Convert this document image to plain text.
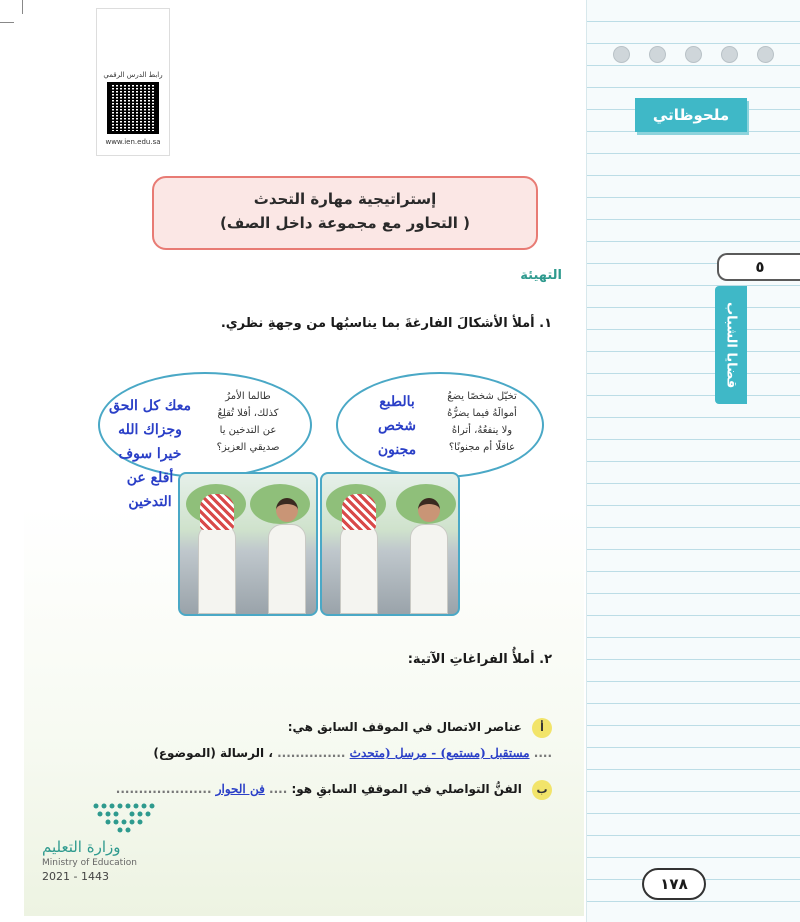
ملحوظاتي
٥
قضايا الشباب
رابط الدرس الرقمي
www.ien.edu.sa
إستراتيجية مهارة التحدث
( التحاور مع مجموعة داخل الصف)
التهيئة
١. أملأ الأشكالَ الفارغةَ بما يناسبُها من وجهةِ نظري.
تخيّل شخصًا يضعُ
أموالَهُ فيما يضرُّهُ
ولا ينفعُهُ، أتراهُ
عاقلًا أم مجنونًا؟
بالطبع
شخص
مجنون
طالما الأمرُ
كذلك، أفلا تُقلِعُ
عن التدخين يا
صديقي العزيز؟
معك كل الحق
وجزاك الله
خيرا سوف
أقلع عن
التدخين
٢. أملأُ الفراغاتِ الآتية:
أ عناصر الاتصال في الموقف السابق هي:
.... مستقبل (مستمع) - مرسل (متحدث ............... ، الرسالة (الموضوع)
ب الفنُّ التواصلي في الموقفِ السابقِ هو: .... فن الحوار .....................
وزارة التعليم
Ministry of Education
2021 - 1443	١٧٨
